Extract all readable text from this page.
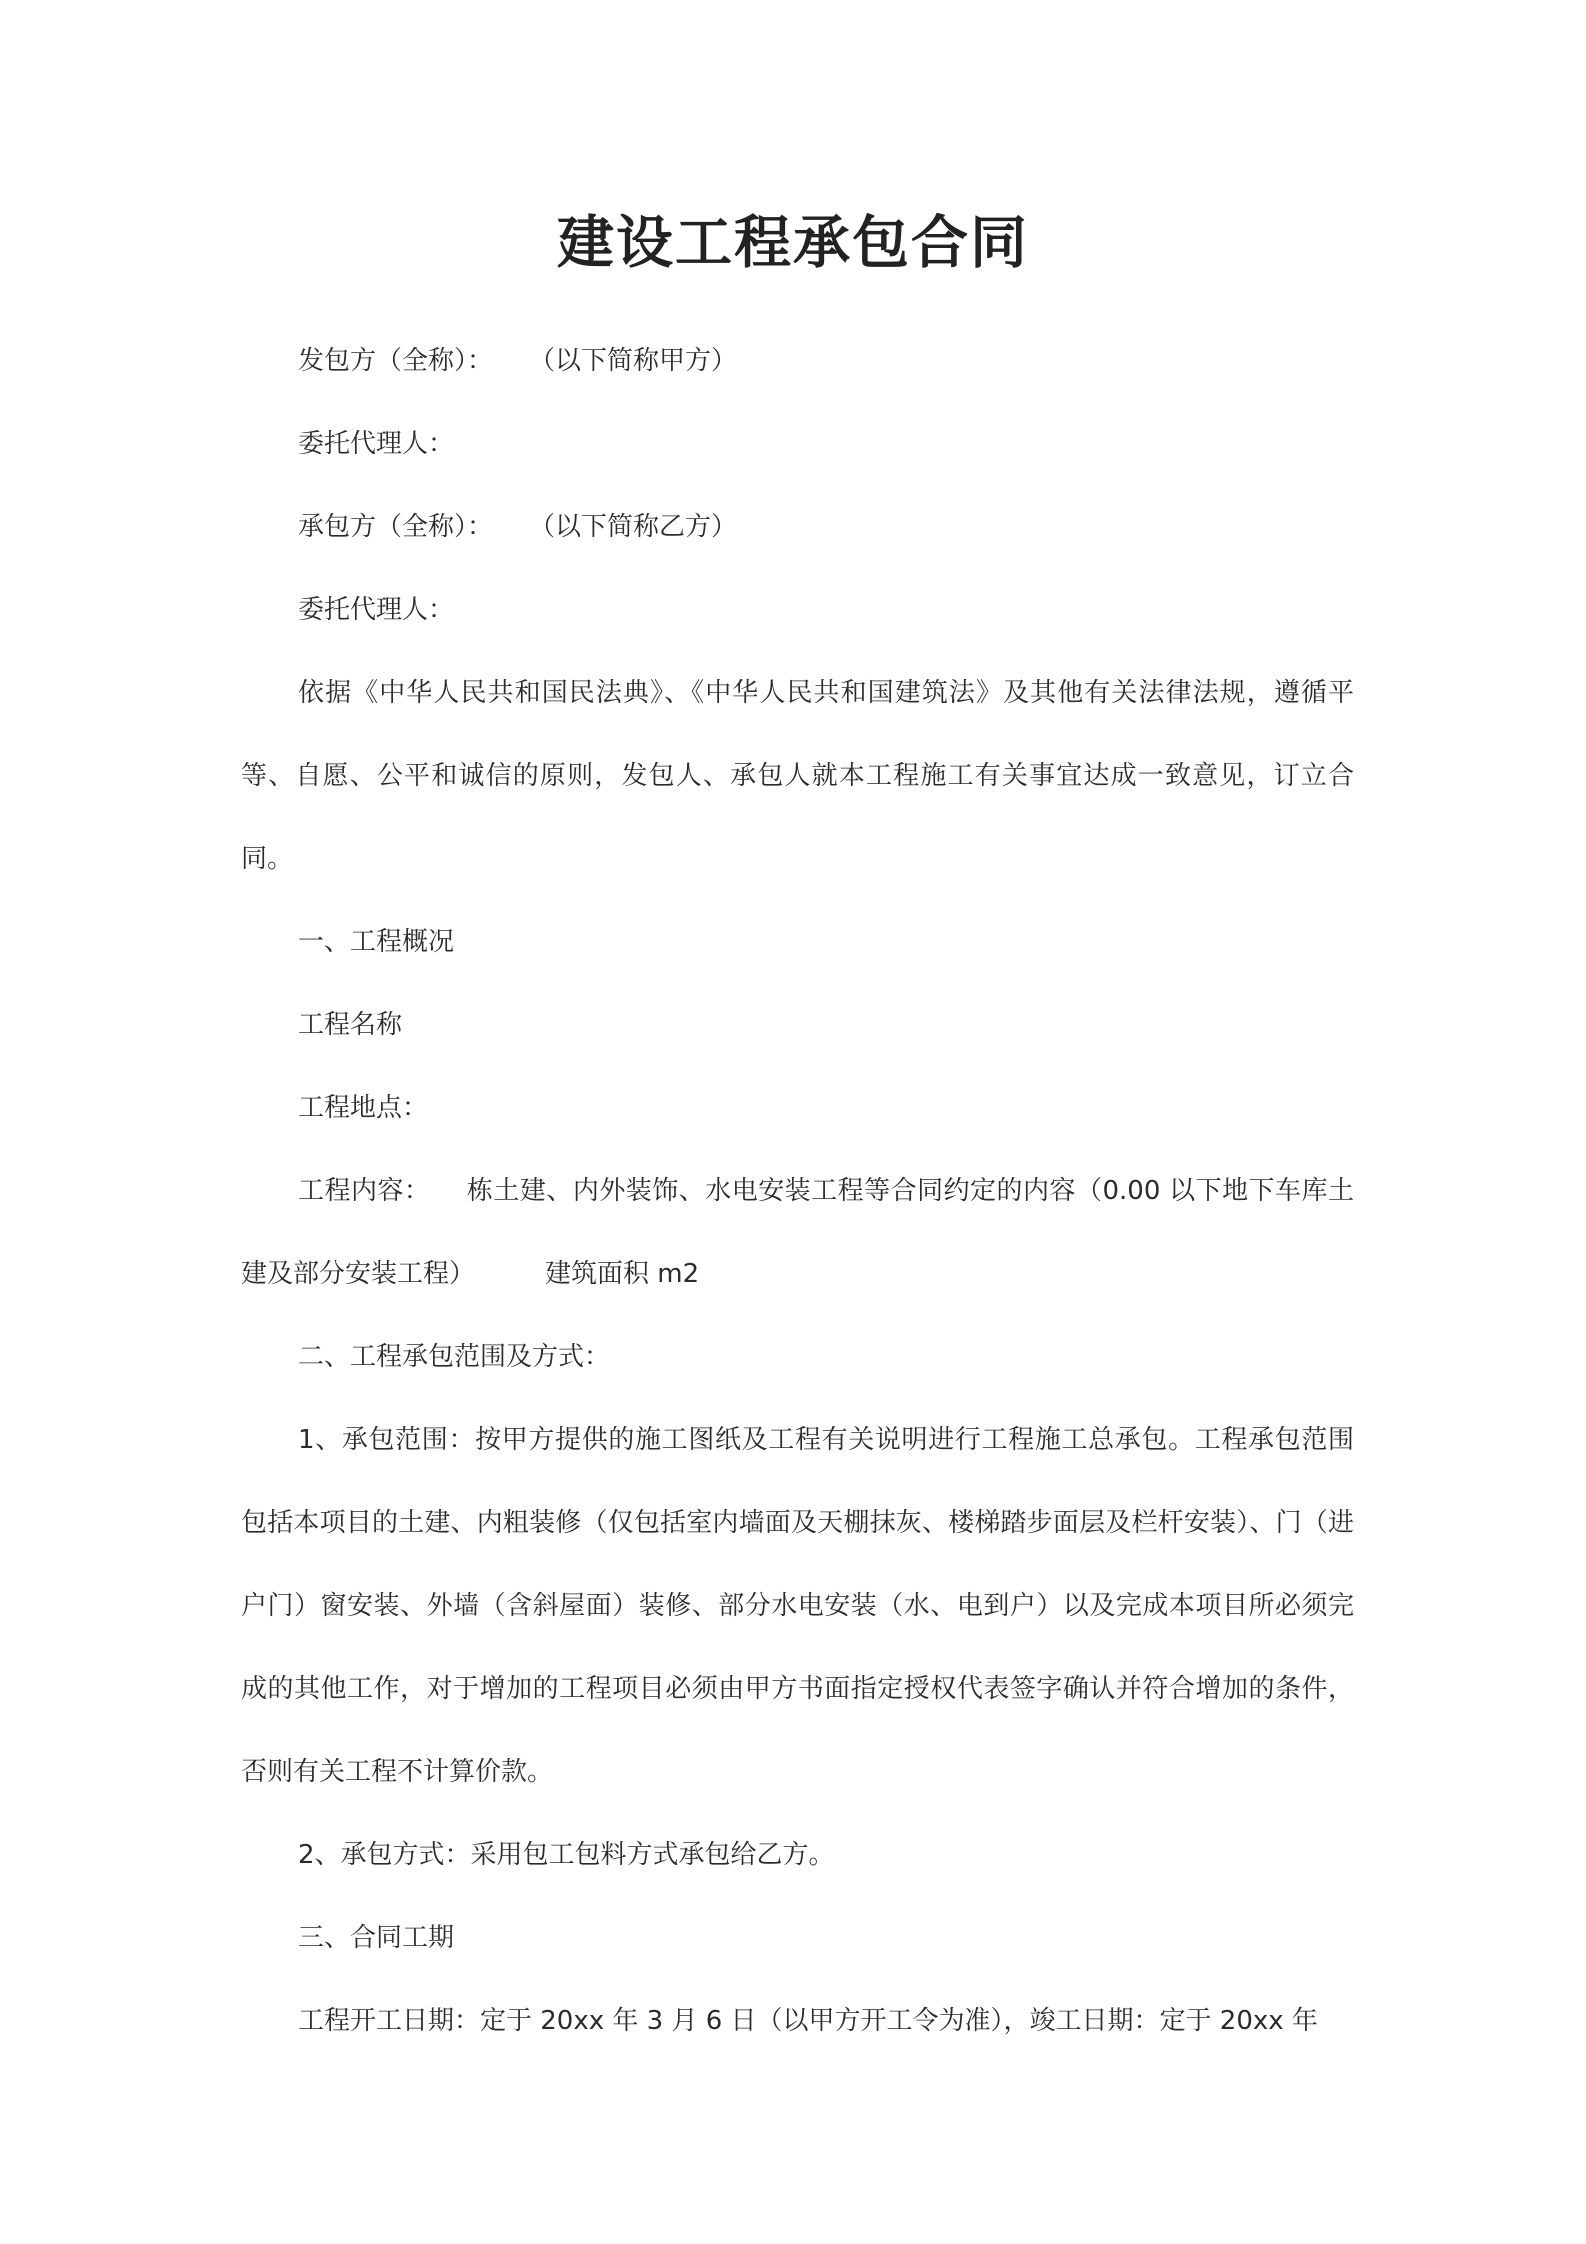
建设工程承包合同

发包方（全称）： （以下简称甲方）

委托代理人：

承包方（全称）： （以下简称乙方）

委托代理人：

依据《中华人民共和国民法典》、《中华人民共和国建筑法》及其他有关法律法规，遵循平等、自愿、公平和诚信的原则，发包人、承包人就本工程施工有关事宜达成一致意见，订立合同。

一、工程概况

工程名称

工程地点：

工程内容： 栋土建、内外装饰、水电安装工程等合同约定的内容（0.00 以下地下车库土建及部分安装工程）	建筑面积 m2

二、工程承包范围及方式：

1、承包范围：按甲方提供的施工图纸及工程有关说明进行工程施工总承包。工程承包范围包括本项目的土建、内粗装修（仅包括室内墙面及天棚抹灰、楼梯踏步面层及栏杆安装）、门（进户门）窗安装、外墙（含斜屋面）装修、部分水电安装（水、电到户）以及完成本项目所必须完成的其他工作，对于增加的工程项目必须由甲方书面指定授权代表签字确认并符合增加的条件，否则有关工程不计算价款。

2、承包方式：采用包工包料方式承包给乙方。

三、合同工期

工程开工日期：定于 20xx 年 3 月 6 日（以甲方开工令为准），竣工日期：定于 20xx 年
